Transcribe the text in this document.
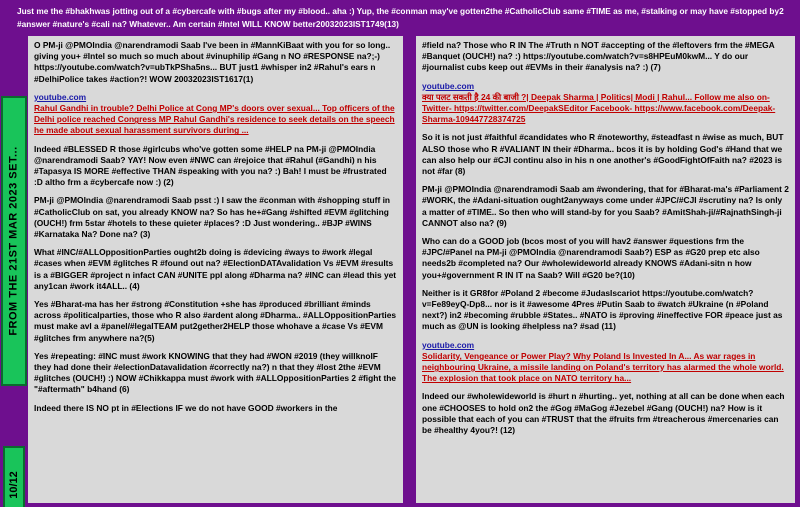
Just me the #bhakhwas jotting out of a #cybercafe with #bugs after my #blood.. aha :) Yup, the #conman may've gotten2the #CatholicClub same #TIME as me, #stalking or may have #stopped by2 #answer #nature's #cali na? Whatever.. Am certain #Intel WILL KNOW better20032023IST1749(13)
FROM THE 21ST MAR 2023 SET...
10/12

O PM-ji @PMOIndia @narendramodi Saab I've been in #MannKiBaat with you for so long.. giving you+ #Intel so much so much about #vinuphilip #Gang n NO #RESPONSE na?;-) https://youtube.com/watch?v=ubTkPSha5ns... BUT just1 #whisper in2 #Rahul's ears n #DelhiPolice takes #action?! WOW 20032023IST1617(1)

youtube.com

Rahul Gandhi in trouble? Delhi Police at Cong MP's doors over sexual... Top officers of the Delhi police reached Congress MP Rahul Gandhi's residence to seek details on the speech he made about sexual harassment survivors during ...

Indeed #BLESSED R those #girlcubs who've gotten some #HELP na PM-ji @PMOIndia @narendramodi Saab? YAY! Now even #NWC can #rejoice that #Rahul (#Gandhi) n his #Tapasya IS MORE #effective THAN #speaking with you na? :) Bah! I must be #frustrated :D altho frm a #cybercafe now :) (2)

PM-ji @PMOIndia @narendramodi Saab psst :) I saw the #conman with #shopping stuff in #CatholicClub on sat, you already KNOW na? So has he+#Gang #shifted #EVM #glitching (OUCH!) frm 5star #hotels to these quieter #places? :D Just wondering.. #BJP #WINS #Karnataka Na? Done na? (3)

What #INC/#ALLOppositionParties ought2b doing is #devicing #ways to #work #legal #cases when #EVM #glitches R #found out na? #ElectionDATAvalidation Vs #EVM #results is a #BIGGER #project n infact CAN #UNITE ppl along #Dharma na? #INC can #lead this yet any1can #work it4ALL.. (4)

Yes #Bharat-ma has her #strong #Constitution +she has #produced #brilliant #minds across #politicalparties, those who R also #ardent along #Dharma.. #ALLOppositionParties must make avl a #panel/#legalTEAM put2gether2HELP those whohave a #case Vs #EVM #glitches frm anywhere na?(5)

Yes #repeating: #INC must #work KNOWING that they had #WON #2019 (they willknoIF they had done their #electionDatavalidation #correctly na?) n that they #lost 2the #EVM #glitches (OUCH!) :) NOW #Chikkappa must #work with #ALLOppositionParties 2 #fight the "#aftermath" b4hand (6)

Indeed there IS NO pt in #Elections IF we do not have GOOD #workers in the

#field na? Those who R IN The #Truth n NOT #accepting of the #leftovers frm the #MEGA #Banquet (OUCH!) na? :) https://youtube.com/watch?v=s8HPEuM0kwM... Y do our #journalist cubs keep out #EVMs in their #analysis na? :) (7)

youtube.com

क्या पलट सकती है 24 की बाजी ?| Deepak Sharma | Politics| Modi | Rahul... Follow me also on- Twitter- https://twitter.com/DeepakSEditor Facebook- https://www.facebook.com/Deepak-Sharma-109447728374725

So it is not just #faithful #candidates who R #noteworthy, #steadfast n #wise as much, BUT ALSO those who R #VALIANT IN their #Dharma.. bcos it is by holding God's #Hand that we can also help our #CJI continu also in his n one another's #GoodFightOfFaith na? #2023 is not #far (8)

PM-ji @PMOIndia @narendramodi Saab am #wondering, that for #Bharat-ma's #Parliament 2 #WORK, the #Adani-situation ought2anyways come under #JPC/#CJI #scrutiny na? Is only a matter of #TIME.. So then who will stand-by for you Saab? #AmitShah-ji/#RajnathSingh-ji CANNOT also na? (9)

Who can do a GOOD job (bcos most of you will hav2 #answer #questions frm the #JPC/#Panel na PM-ji @PMOIndia @narendramodi Saab?) ESP as #G20 prep etc also needs2b #completed na? Our #wholewideworld already KNOWS #Adani-sitn n how you+#government R IN IT na Saab? Will #G20 be?(10)

Neither is it GR8for #Poland 2 #become #JudasIscariot https://youtube.com/watch?v=Fe89eyQ-Dp8... nor is it #awesome 4Pres #Putin Saab to #watch #Ukraine (n #Poland next?) in2 #becoming #rubble #States.. #NATO is #proving #ineffective FOR #peace just as much as @UN is looking #helpless na? #sad (11)

youtube.com

Solidarity, Vengeance or Power Play? Why Poland Is Invested In A... As war rages in neighbouring Ukraine, a missile landing on Poland's territory has alarmed the whole world. The explosion that took place on NATO territory ha...

Indeed our #wholewideworld is #hurt n #hurting.. yet, nothing at all can be done when each one #CHOOSES to hold on2 the #Gog #MaGog #Jezebel #Gang (OUCH!) na? How is it possible that each of you can #TRUST that the #fruits frm #treacherous #mercenaries can be #healthy 4you?! (12)
